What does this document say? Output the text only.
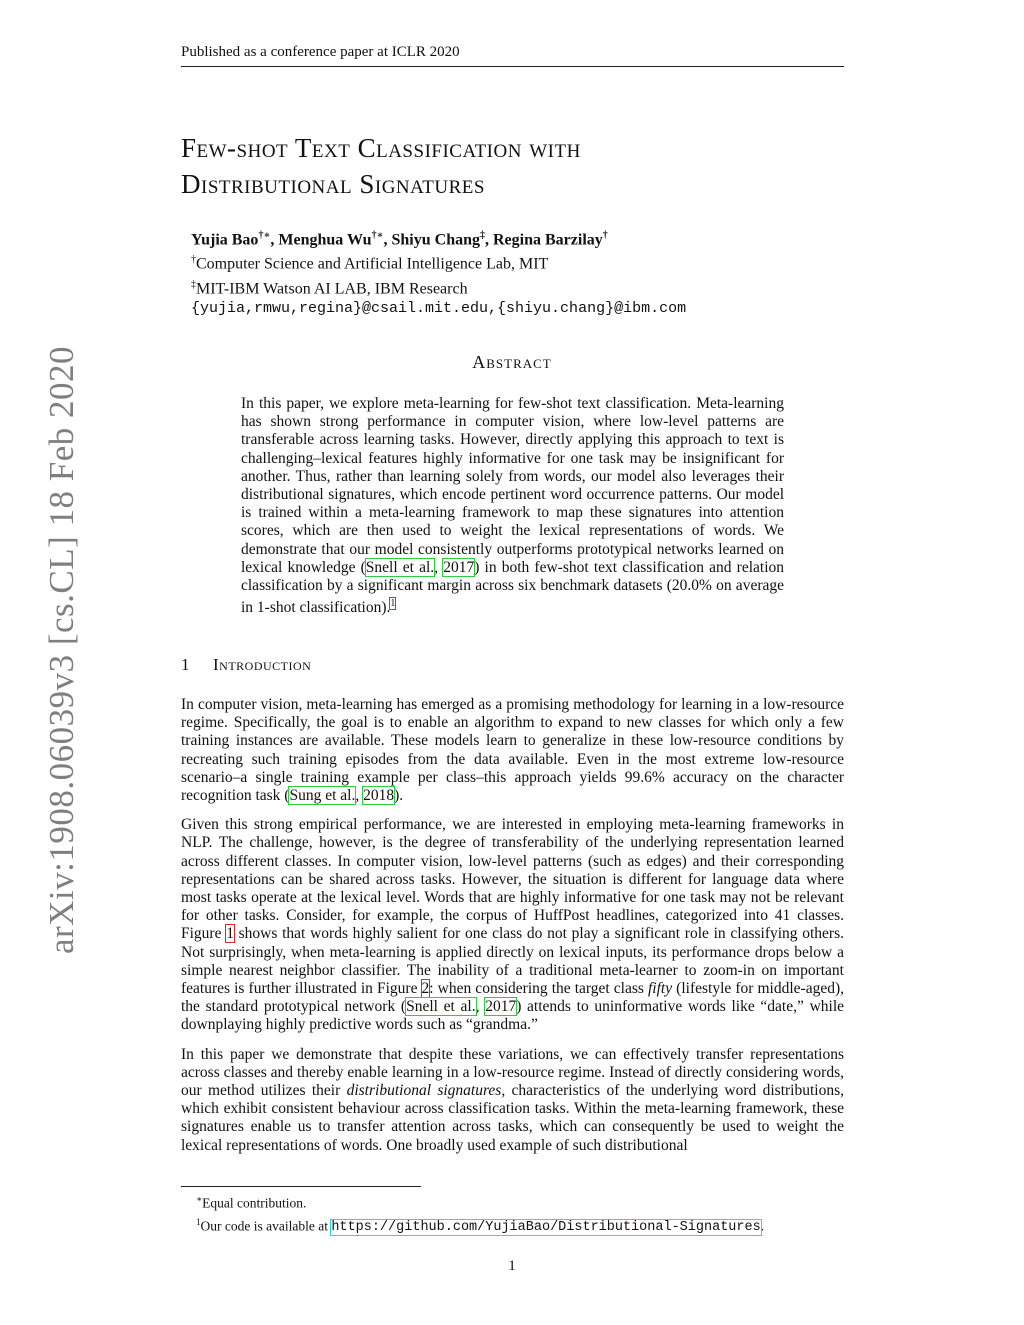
Published as a conference paper at ICLR 2020
Few-shot Text Classification with
Distributional Signatures
Yujia Bao†∗, Menghua Wu†∗, Shiyu Chang‡, Regina Barzilay†
†Computer Science and Artificial Intelligence Lab, MIT
‡MIT-IBM Watson AI LAB, IBM Research
{yujia,rmwu,regina}@csail.mit.edu,{shiyu.chang}@ibm.com
arXiv:1908.06039v3 [cs.CL] 18 Feb 2020	Abstract
In this paper, we explore meta-learning for few-shot text classification. Meta-learning has shown strong performance in computer vision, where low-level patterns are transferable across learning tasks. However, directly applying this approach to text is challenging–lexical features highly informative for one task may be insignificant for another. Thus, rather than learning solely from words, our model also leverages their distributional signatures, which encode pertinent word occurrence patterns. Our model is trained within a meta-learning framework to map these signatures into attention scores, which are then used to weight the lexical representations of words. We demonstrate that our model consistently outperforms prototypical networks learned on lexical knowledge (Snell et al., 2017) in both few-shot text classification and relation classification by a significant margin across six benchmark datasets (20.0% on average in 1-shot classification).$^1$
1 Introduction

In computer vision, meta-learning has emerged as a promising methodology for learning in a low-resource regime. Specifically, the goal is to enable an algorithm to expand to new classes for which only a few training instances are available. These models learn to generalize in these low-resource conditions by recreating such training episodes from the data available. Even in the most extreme low-resource scenario–a single training example per class–this approach yields 99.6% accuracy on the character recognition task (Sung et al., 2018).

Given this strong empirical performance, we are interested in employing meta-learning frameworks in NLP. The challenge, however, is the degree of transferability of the underlying representation learned across different classes. In computer vision, low-level patterns (such as edges) and their corresponding representations can be shared across tasks. However, the situation is different for language data where most tasks operate at the lexical level. Words that are highly informative for one task may not be relevant for other tasks. Consider, for example, the corpus of HuffPost headlines, categorized into 41 classes. Figure 1 shows that words highly salient for one class do not play a significant role in classifying others. Not surprisingly, when meta-learning is applied directly on lexical inputs, its performance drops below a simple nearest neighbor classifier. The inability of a traditional meta-learner to zoom-in on important features is further illustrated in Figure 2: when considering the target class fifty (lifestyle for middle-aged), the standard prototypical network (Snell et al., 2017) attends to uninformative words like “date,” while downplaying highly predictive words such as “grandma.”

In this paper we demonstrate that despite these variations, we can effectively transfer representations across classes and thereby enable learning in a low-resource regime. Instead of directly considering words, our method utilizes their distributional signatures, characteristics of the underlying word distributions, which exhibit consistent behaviour across classification tasks. Within the meta-learning framework, these signatures enable us to transfer attention across tasks, which can consequently be used to weight the lexical representations of words. One broadly used example of such distributional

∗Equal contribution.
$^1$Our code is available at https://github.com/YujiaBao/Distributional-Signatures.
1
